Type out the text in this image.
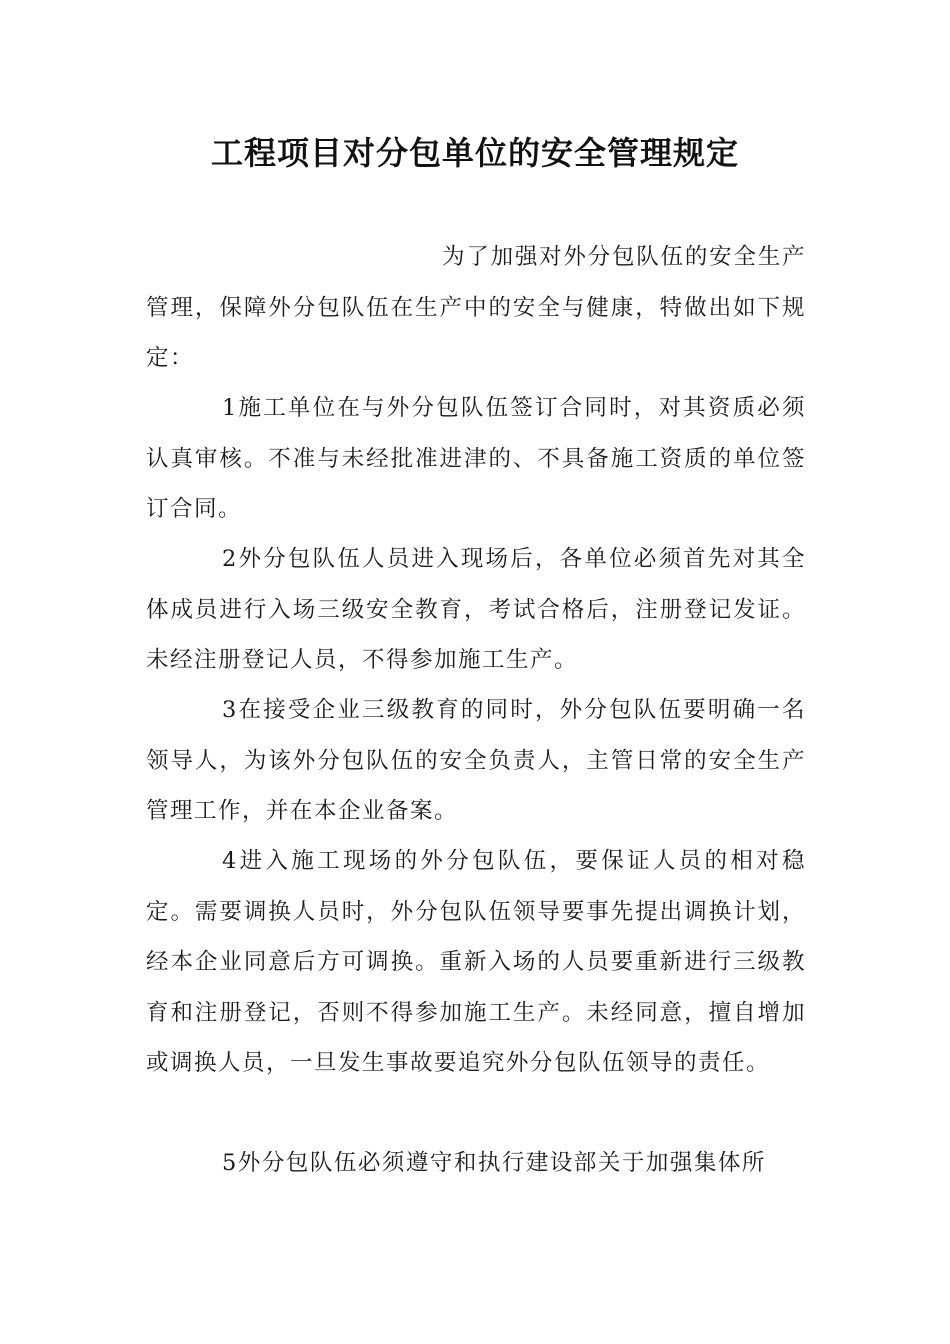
工程项目对分包单位的安全管理规定

为了加强对外分包队伍的安全生产管理，保障外分包队伍在生产中的安全与健康，特做出如下规定：

1施工单位在与外分包队伍签订合同时，对其资质必须认真审核。不准与未经批准进津的、不具备施工资质的单位签订合同。

2外分包队伍人员进入现场后，各单位必须首先对其全体成员进行入场三级安全教育，考试合格后，注册登记发证。未经注册登记人员，不得参加施工生产。

3在接受企业三级教育的同时，外分包队伍要明确一名领导人，为该外分包队伍的安全负责人，主管日常的安全生产管理工作，并在本企业备案。

4进入施工现场的外分包队伍，要保证人员的相对稳定。需要调换人员时，外分包队伍领导要事先提出调换计划，经本企业同意后方可调换。重新入场的人员要重新进行三级教育和注册登记，否则不得参加施工生产。未经同意，擅自增加或调换人员，一旦发生事故要追究外分包队伍领导的责任。

5外分包队伍必须遵守和执行建设部关于加强集体所
